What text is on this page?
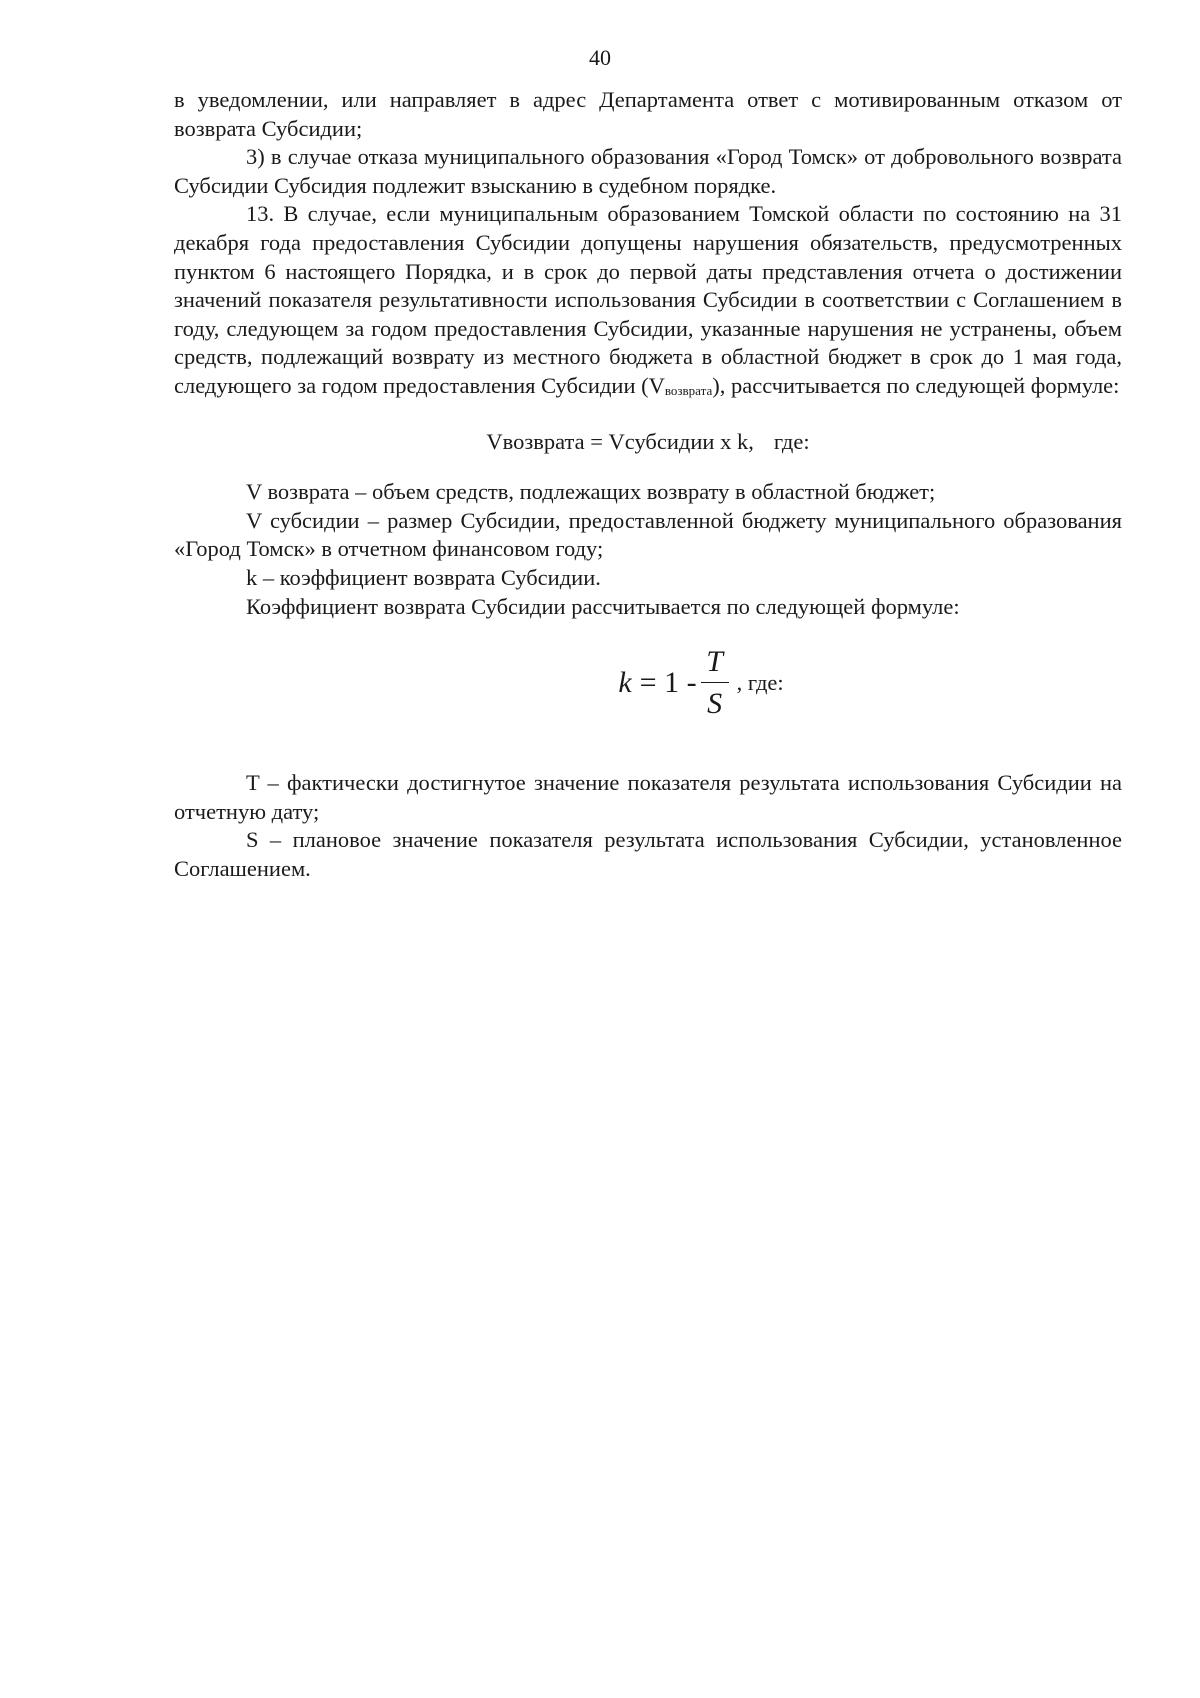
40

в уведомлении, или направляет в адрес Департамента ответ с мотивированным отказом от возврата Субсидии;

3) в случае отказа муниципального образования «Город Томск» от добровольного возврата Субсидии Субсидия подлежит взысканию в судебном порядке.

13. В случае, если муниципальным образованием Томской области по состоянию на 31 декабря года предоставления Субсидии допущены нарушения обязательств, предусмотренных пунктом 6 настоящего Порядка, и в срок до первой даты представления отчета о достижении значений показателя результативности использования Субсидии в соответствии с Соглашением в году, следующем за годом предоставления Субсидии, указанные нарушения не устранены, объем средств, подлежащий возврату из местного бюджета в областной бюджет в срок до 1 мая года, следующего за годом предоставления Субсидии (Vвозврата), рассчитывается по следующей формуле:

Vвозврата = Vсубсидии x k, где:

V возврата – объем средств, подлежащих возврату в областной бюджет;

V субсидии – размер Субсидии, предоставленной бюджету муниципального образования «Город Томск» в отчетном финансовом году;

k – коэффициент возврата Субсидии.

Коэффициент возврата Субсидии рассчитывается по следующей формуле:

$k = 1 - \frac{T}{S}$ , где:

T – фактически достигнутое значение показателя результата использования Субсидии на отчетную дату;

S – плановое значение показателя результата использования Субсидии, установленное Соглашением.
